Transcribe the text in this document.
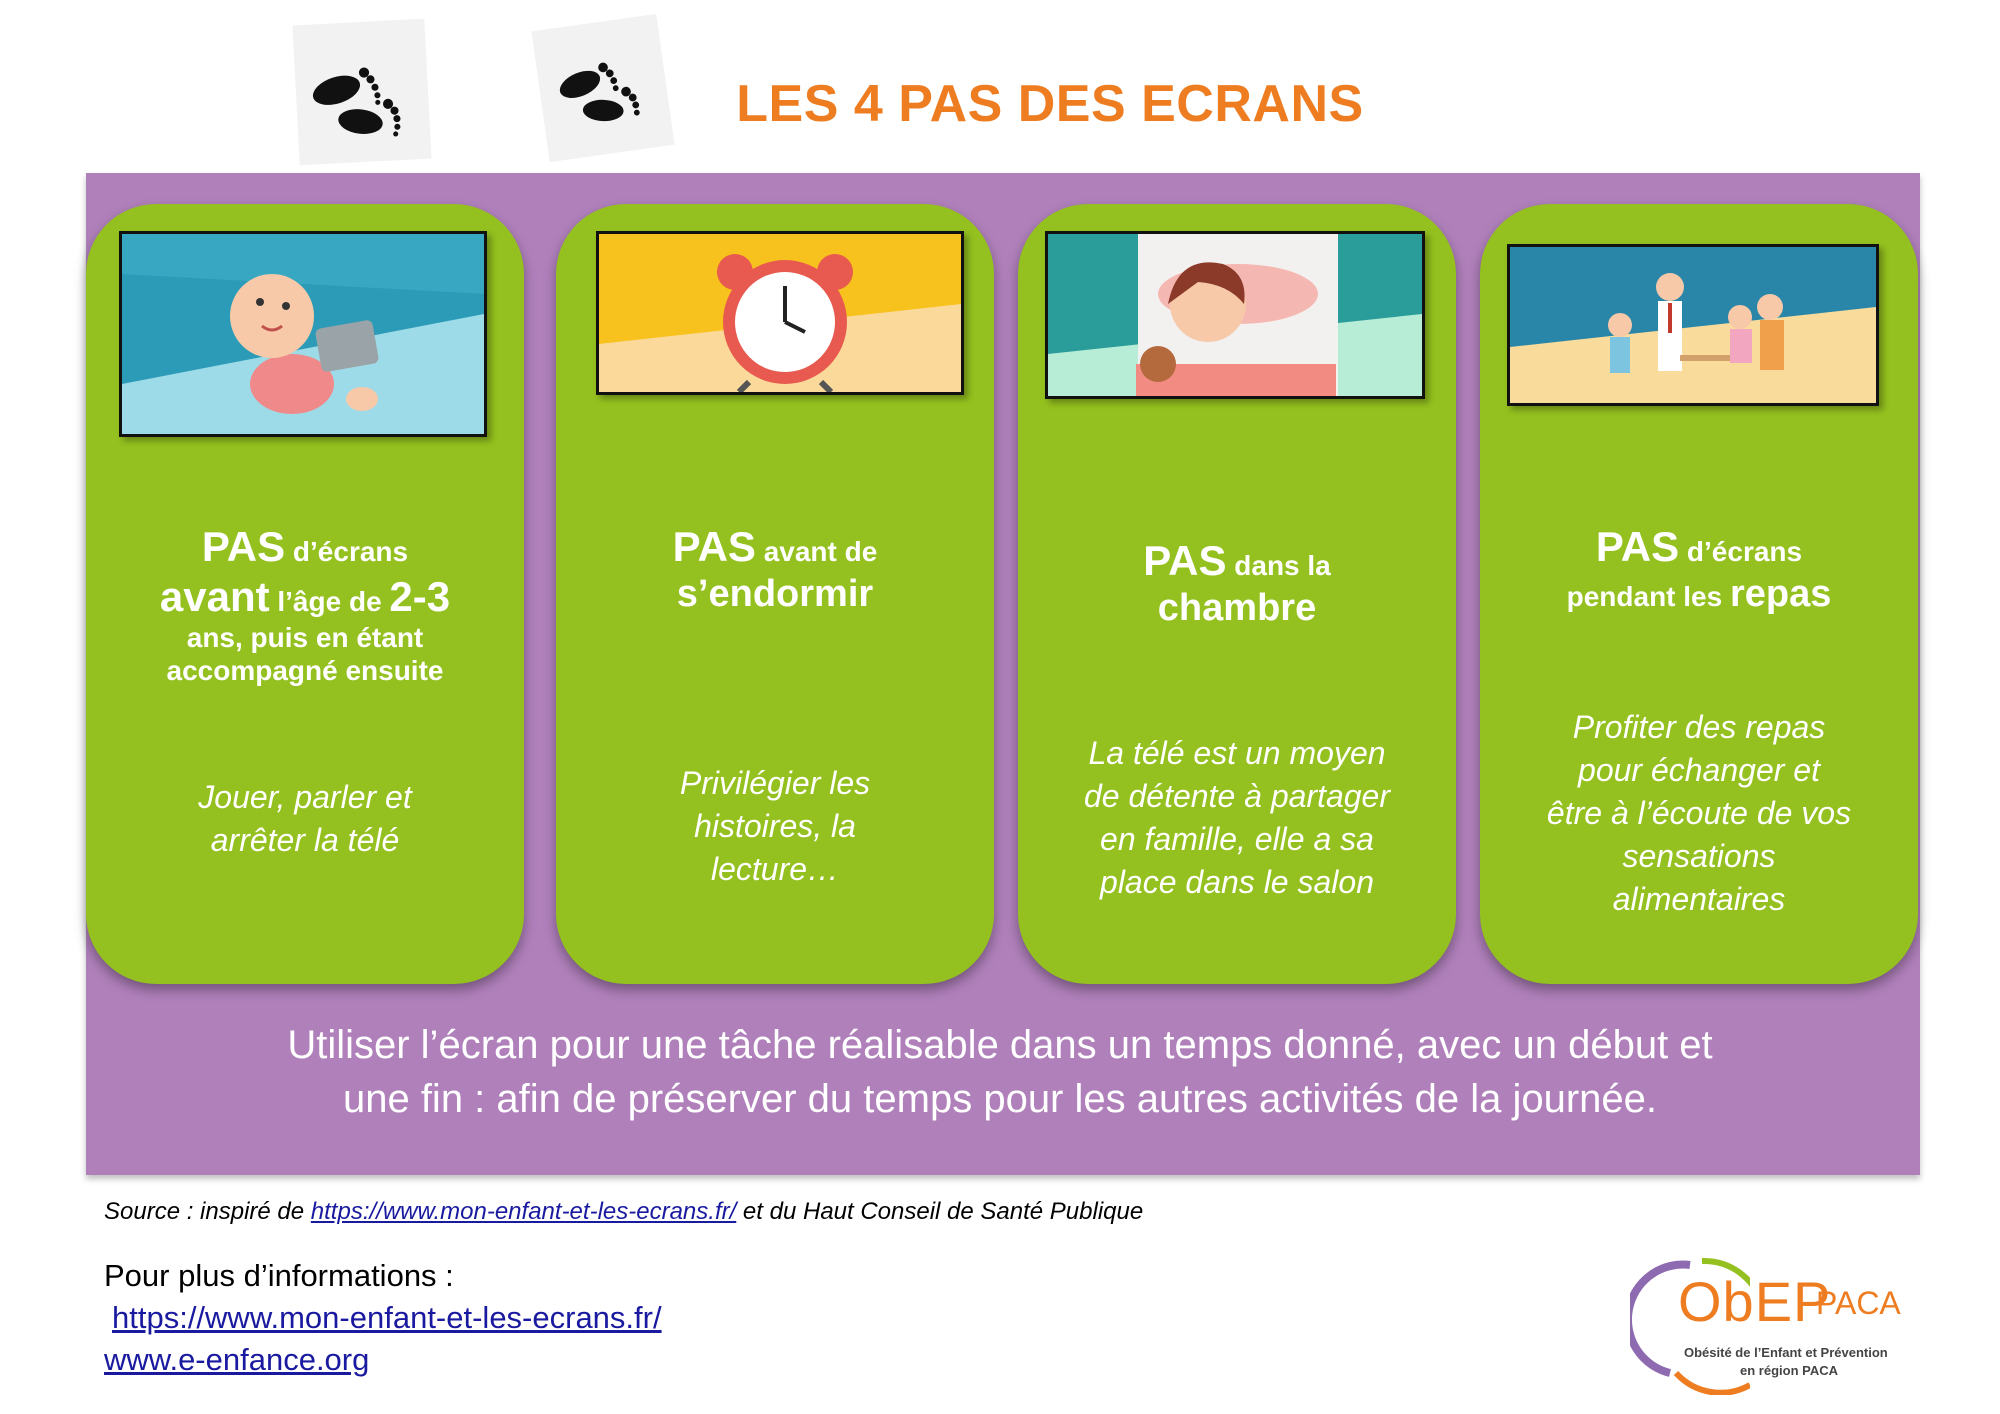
LES 4 PAS DES ECRANS

PAS d’écrans
avant l’âge de 2-3
ans, puis en étant
accompagné ensuite

Jouer, parler et
arrêter la télé

PAS avant de
s’endormir

Privilégier les
histoires, la
lecture…

PAS dans la
chambre

La télé est un moyen
de détente à partager
en famille, elle a sa
place dans le salon

PAS d’écrans
pendant les repas

Profiter des repas
pour échanger et
être à l’écoute de vos
sensations
alimentaires

Utiliser l’écran pour une tâche réalisable dans un temps donné, avec un début et
une fin : afin de préserver du temps pour les autres activités de la journée.

Source : inspiré de https://www.mon-enfant-et-les-ecrans.fr/ et du Haut Conseil de Santé Publique

Pour plus d’informations :

https://www.mon-enfant-et-les-ecrans.fr/

www.e-enfance.org

ObEP

PACA

Obésité de l’Enfant et Prévention

en région PACA
